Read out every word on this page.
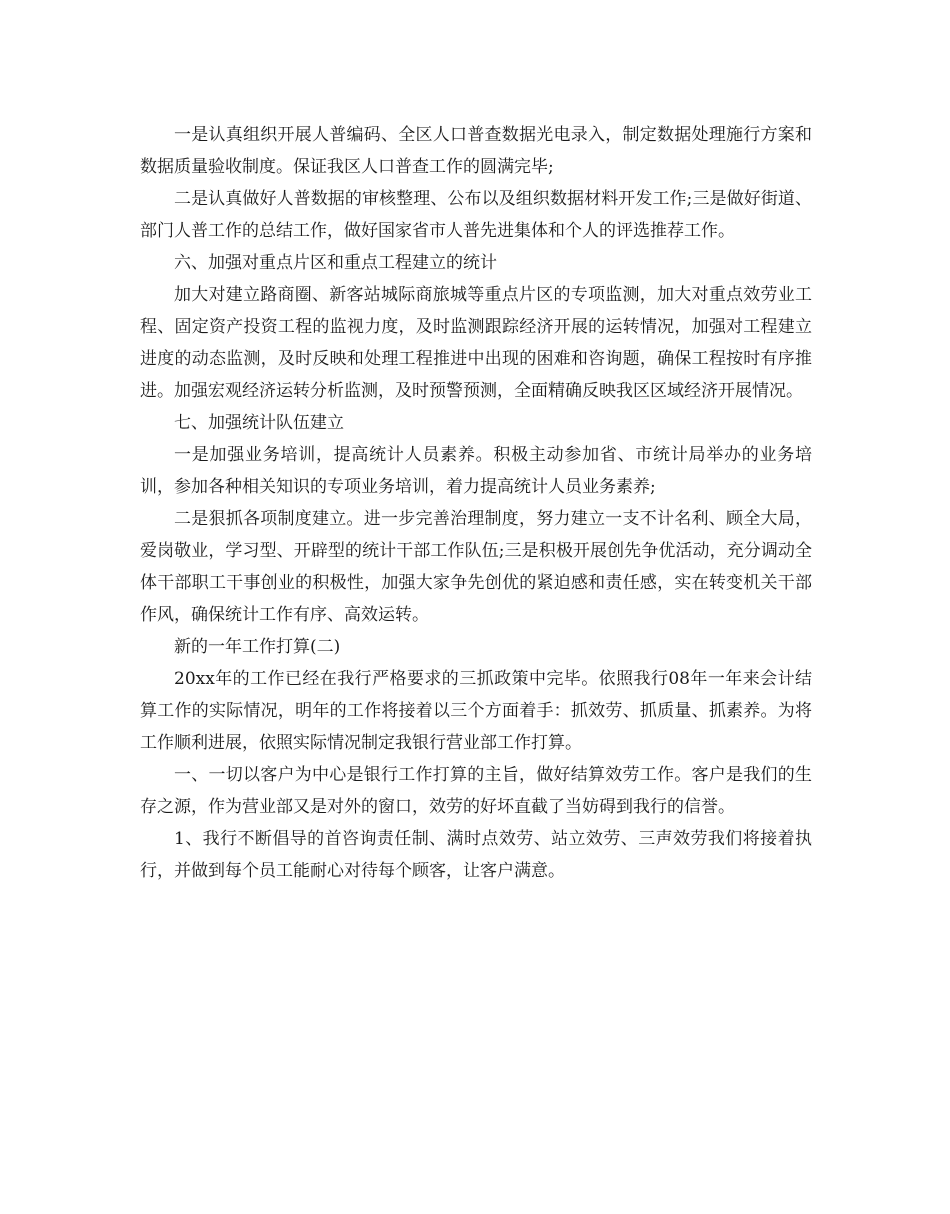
一是认真组织开展人普编码、全区人口普查数据光电录入，制定数据处理施行方案和数据质量验收制度。保证我区人口普查工作的圆满完毕;

二是认真做好人普数据的审核整理、公布以及组织数据材料开发工作;三是做好街道、部门人普工作的总结工作，做好国家省市人普先进集体和个人的评选推荐工作。

六、加强对重点片区和重点工程建立的统计

加大对建立路商圈、新客站城际商旅城等重点片区的专项监测，加大对重点效劳业工程、固定资产投资工程的监视力度，及时监测跟踪经济开展的运转情况，加强对工程建立进度的动态监测，及时反映和处理工程推进中出现的困难和咨询题，确保工程按时有序推进。加强宏观经济运转分析监测，及时预警预测，全面精确反映我区区域经济开展情况。

七、加强统计队伍建立

一是加强业务培训，提高统计人员素养。积极主动参加省、市统计局举办的业务培训，参加各种相关知识的专项业务培训，着力提高统计人员业务素养;

二是狠抓各项制度建立。进一步完善治理制度，努力建立一支不计名利、顾全大局，爱岗敬业，学习型、开辟型的统计干部工作队伍;三是积极开展创先争优活动，充分调动全体干部职工干事创业的积极性，加强大家争先创优的紧迫感和责任感，实在转变机关干部作风，确保统计工作有序、高效运转。

新的一年工作打算(二)

20xx年的工作已经在我行严格要求的三抓政策中完毕。依照我行08年一年来会计结算工作的实际情况，明年的工作将接着以三个方面着手：抓效劳、抓质量、抓素养。为将工作顺利进展，依照实际情况制定我银行营业部工作打算。

一、一切以客户为中心是银行工作打算的主旨，做好结算效劳工作。客户是我们的生存之源，作为营业部又是对外的窗口，效劳的好坏直截了当妨碍到我行的信誉。

1、我行不断倡导的首咨询责任制、满时点效劳、站立效劳、三声效劳我们将接着执行，并做到每个员工能耐心对待每个顾客，让客户满意。
